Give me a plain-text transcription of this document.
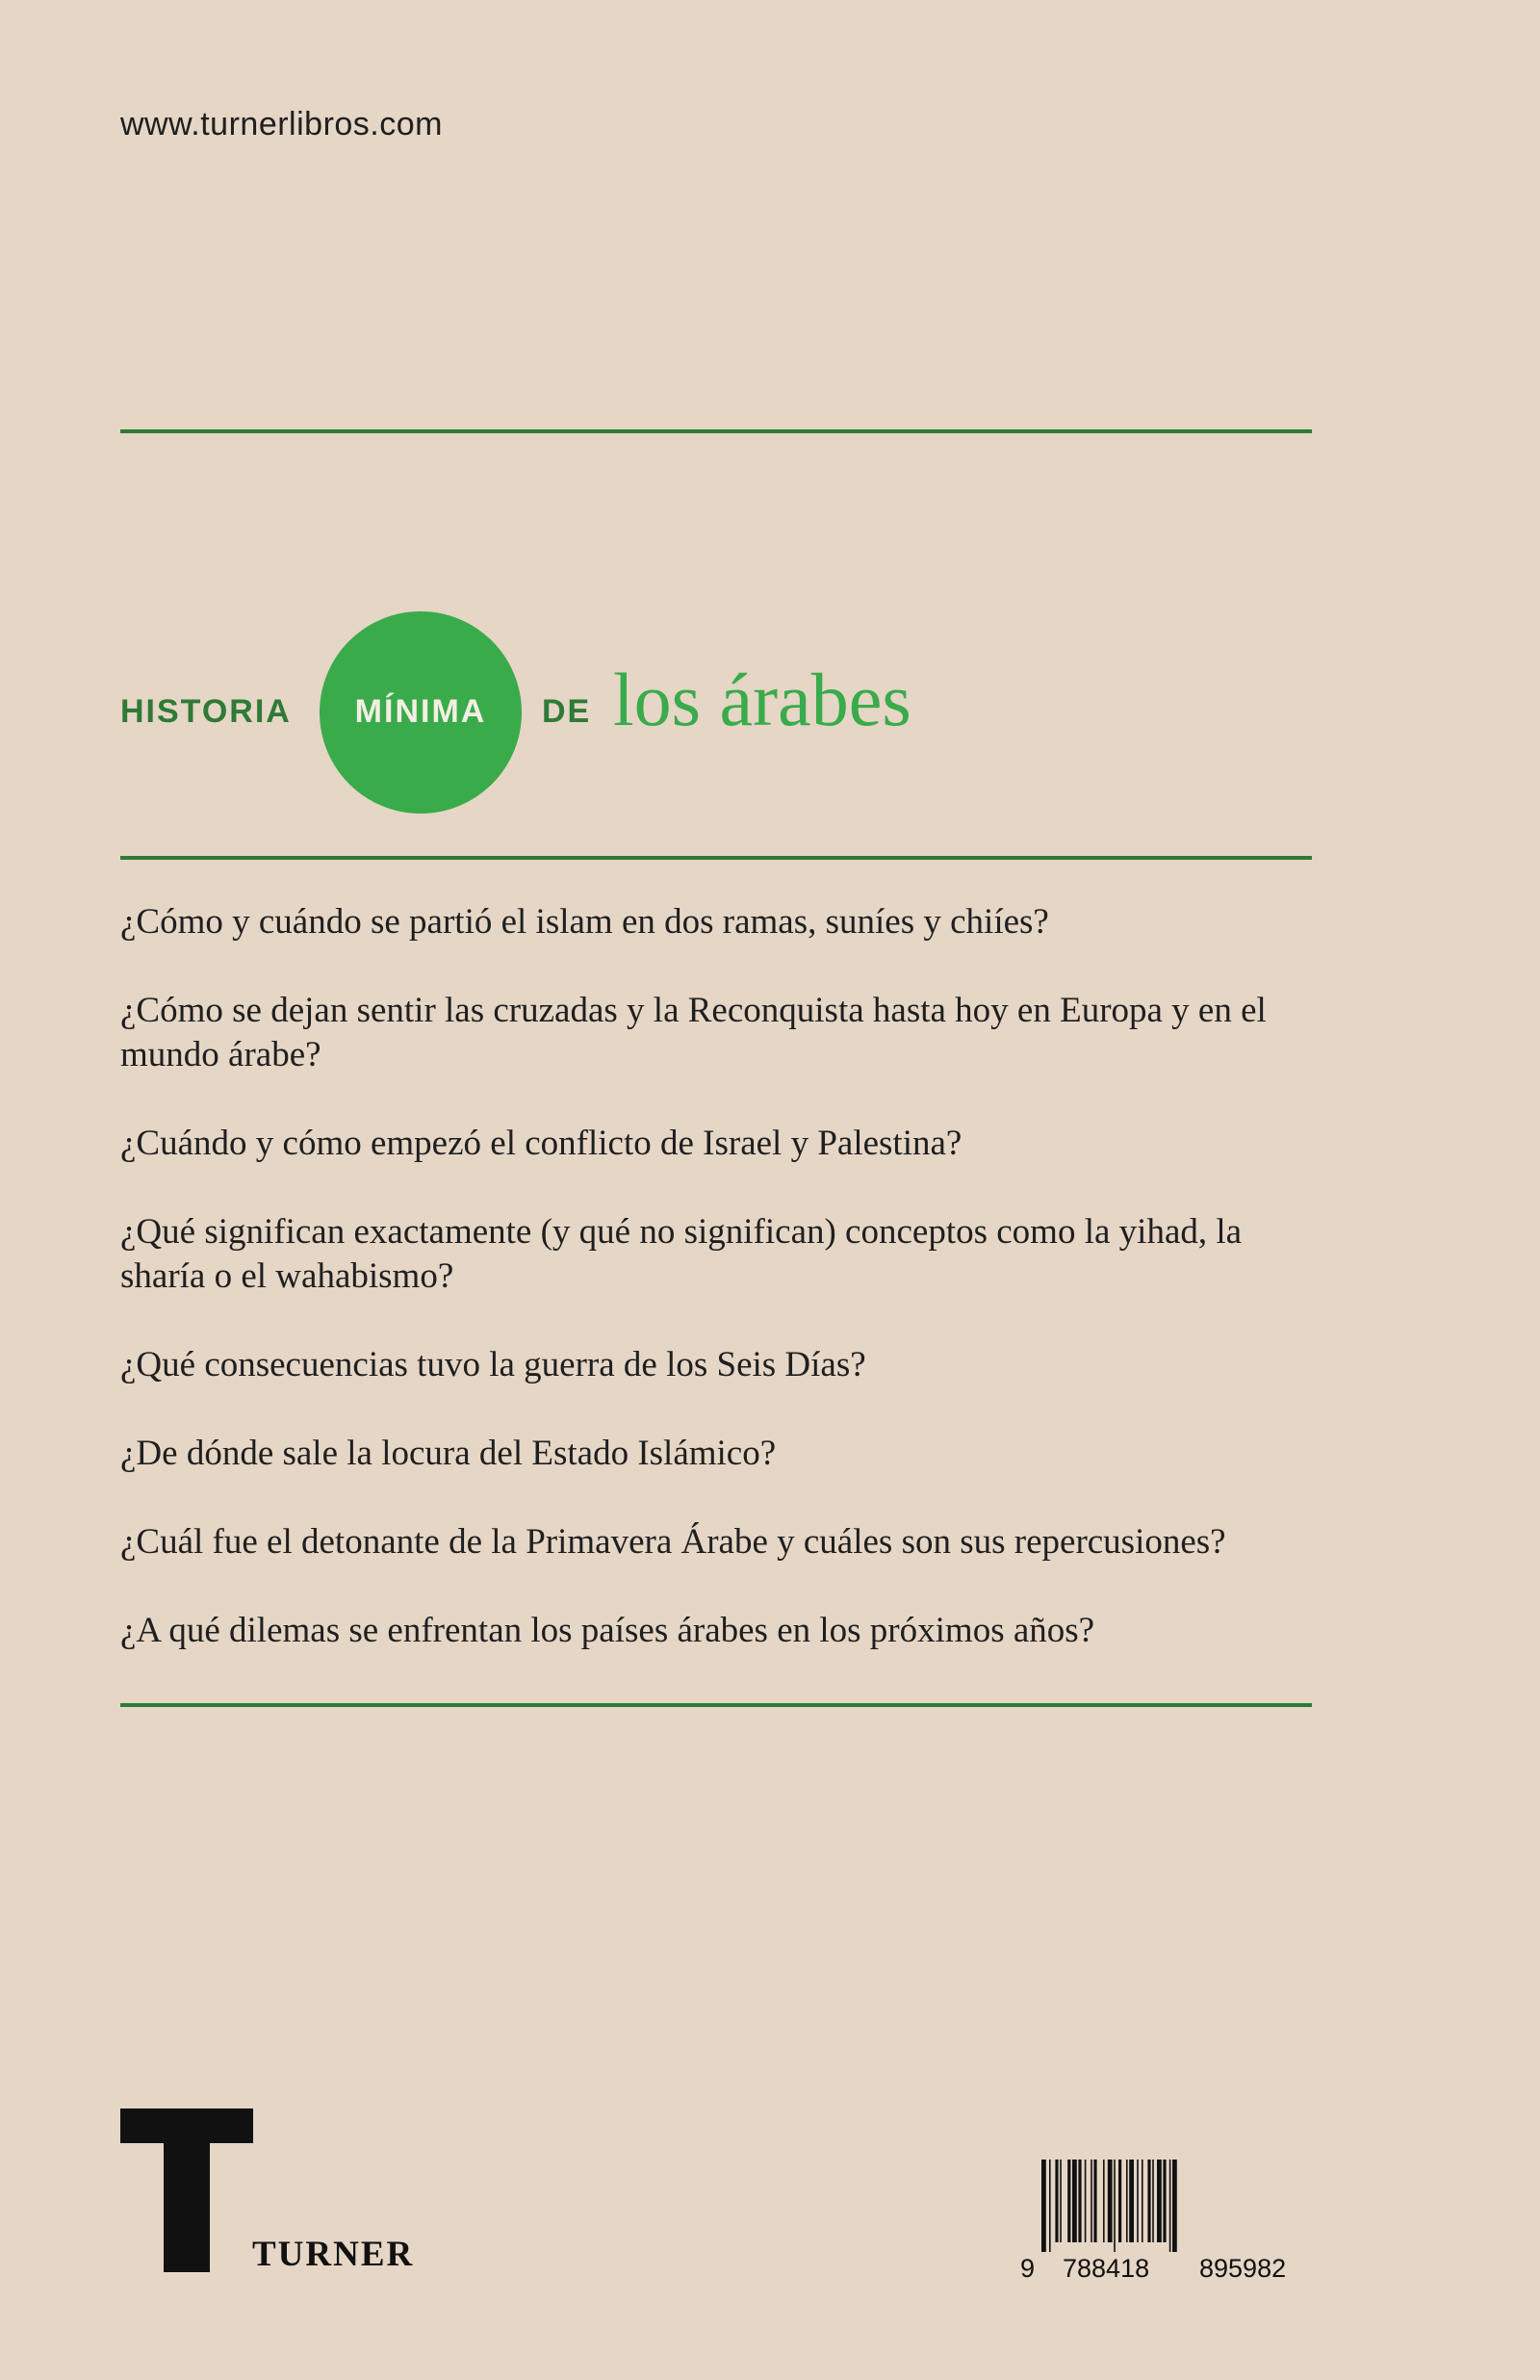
www.turnerlibros.com
HISTORIA	MÍNIMA	DE los árabes
¿Cómo y cuándo se partió el islam en dos ramas, suníes y chiíes?
¿Cómo se dejan sentir las cruzadas y la Reconquista hasta hoy en Europa y en el mundo árabe?
¿Cuándo y cómo empezó el conflicto de Israel y Palestina?
¿Qué significan exactamente (y qué no significan) conceptos como la yihad, la sharía o el wahabismo?
¿Qué consecuencias tuvo la guerra de los Seis Días?
¿De dónde sale la locura del Estado Islámico?
¿Cuál fue el detonante de la Primavera Árabe y cuáles son sus repercusiones?
¿A qué dilemas se enfrentan los países árabes en los próximos años?
TURNER	9 788418 895982
